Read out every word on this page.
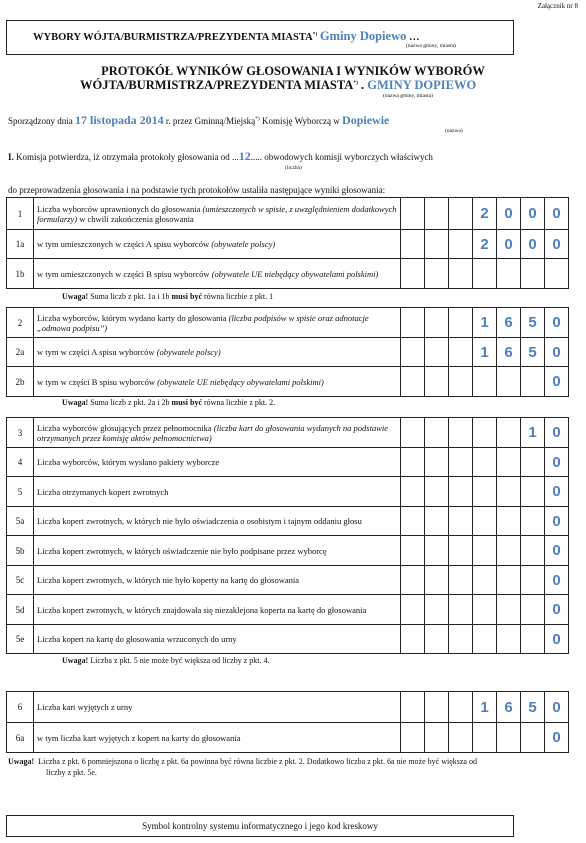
Załącznik nr 8
WYBORY WÓJTA/BURMISTRZA/PREZYDENTA MIASTA*) Gminy Dopiewo …
(nazwa gminy, miasta)
PROTOKÓŁ WYNIKÓW GŁOSOWANIA I WYNIKÓW WYBORÓW
WÓJTA/BURMISTRZA/PREZYDENTA MIASTA*) . GMINY DOPIEWO
(nazwa gminy, miasta)
Sporządzony dnia 17 listopada 2014 r. przez Gminną/Miejską*) Komisję Wyborczą w Dopiewie
(nazwa)
I. Komisja potwierdza, iż otrzymała protokoły głosowania od ...12..... obwodowych komisji wyborczych właściwych
(liczba)
do przeprowadzenia głosowania i na podstawie tych protokołów ustaliła następujące wyniki głosowania:
1	Liczba wyborców uprawnionych do głosowania (umieszczonych w spisie, z uwzględnieniem dodatkowych formularzy) w chwili zakończenia głosowania				2	0	0	0
1a	w tym umieszczonych w części A spisu wyborców (obywatele polscy)				2	0	0	0
1b	w tym umieszczonych w części B spisu wyborców (obywatele UE niebędący obywatelami polskimi)							
Uwaga! Suma liczb z pkt. 1a i 1b musi być równa liczbie z pkt. 1
2	Liczba wyborców, którym wydano karty do głosowania (liczba podpisów w spisie oraz adnotacje „odmowa podpisu”)				1	6	5	0
2a	w tym w części A spisu wyborców (obywatele polscy)				1	6	5	0
2b	w tym w części B spisu wyborców (obywatele UE niebędący obywatelami polskimi)							0
Uwaga! Suma liczb z pkt. 2a i 2b musi być równa liczbie z pkt. 2.
3	Liczba wyborców głosujących przez pełnomocnika (liczba kart do głosowania wydanych na podstawie otrzymanych przez komisję aktów pełnomocnictwa)						1	0
4	Liczba wyborców, którym wysłano pakiety wyborcze							0
5	Liczba otrzymanych kopert zwrotnych							0
5a	Liczba kopert zwrotnych, w których nie było oświadczenia o osobistym i tajnym oddaniu głosu							0
5b	Liczba kopert zwrotnych, w których oświadczenie nie było podpisane przez wyborcę							0
5c	Liczba kopert zwrotnych, w których nie było koperty na kartę do głosowania							0
5d	Liczba kopert zwrotnych, w których znajdowała się niezaklejona koperta na kartę do głosowania							0
5e	Liczba kopert na kartę do głosowania wrzuconych do urny							0
Uwaga! Liczba z pkt. 5 nie może być większa od liczby z pkt. 4.
6	Liczba kart wyjętych z urny				1	6	5	0
6a	w tym liczba kart wyjętych z kopert na karty do głosowania							0
Uwaga! Liczba z pkt. 6 pomniejszona o liczbę z pkt. 6a powinna być równa liczbie z pkt. 2. Dodatkowo liczba z pkt. 6a nie może być większa od
liczby z pkt. 5e.
Symbol kontrolny systemu informatycznego i jego kod kreskowy
